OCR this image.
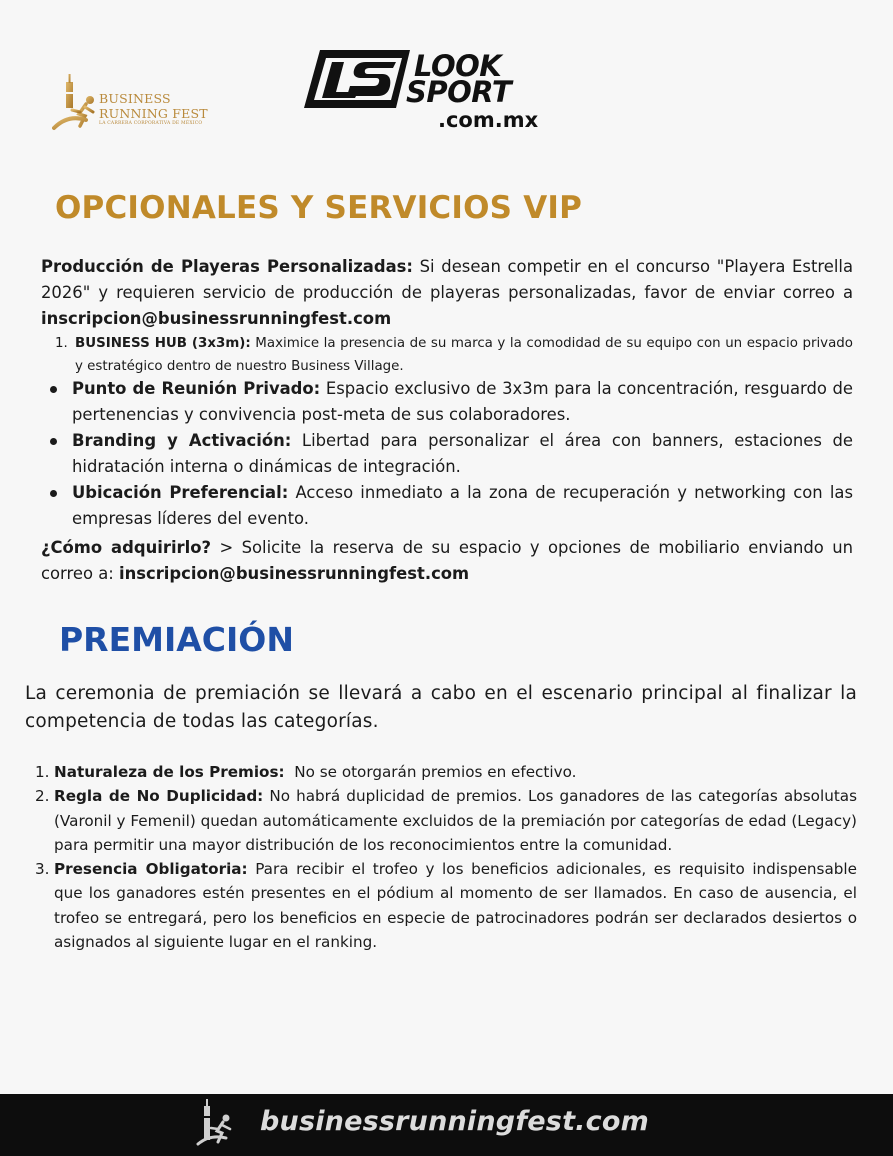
BUSINESS
RUNNING FEST
LA CARRERA CORPORATIVA DE MÉXICO
LOOK
SPORT
.com.mx
OPCIONALES Y SERVICIOS VIP

Producción de Playeras Personalizadas: Si desean competir en el concurso "Playera Estrella 2026" y requieren servicio de producción de playeras personalizadas, favor de enviar correo a inscripcion@businessrunningfest.com

1. BUSINESS HUB (3x3m): Maximice la presencia de su marca y la comodidad de su equipo con un espacio privado y estratégico dentro de nuestro Business Village.
Punto de Reunión Privado: Espacio exclusivo de 3x3m para la concentración, resguardo de pertenencias y convivencia post-meta de sus colaboradores.
Branding y Activación: Libertad para personalizar el área con banners, estaciones de hidratación interna o dinámicas de integración.
Ubicación Preferencial: Acceso inmediato a la zona de recuperación y networking con las empresas líderes del evento.

¿Cómo adquirirlo? > Solicite la reserva de su espacio y opciones de mobiliario enviando un correo a: inscripcion@businessrunningfest.com

PREMIACIÓN

La ceremonia de premiación se llevará a cabo en el escenario principal al finalizar la competencia de todas las categorías.

1. Naturaleza de los Premios:  No se otorgarán premios en efectivo.
2. Regla de No Duplicidad: No habrá duplicidad de premios. Los ganadores de las categorías absolutas (Varonil y Femenil) quedan automáticamente excluidos de la premiación por categorías de edad (Legacy) para permitir una mayor distribución de los reconocimientos entre la comunidad.
3. Presencia Obligatoria: Para recibir el trofeo y los beneficios adicionales, es requisito indispensable que los ganadores estén presentes en el pódium al momento de ser llamados. En caso de ausencia, el trofeo se entregará, pero los beneficios en especie de patrocinadores podrán ser declarados desiertos o asignados al siguiente lugar en el ranking.
businessrunningfest.com
